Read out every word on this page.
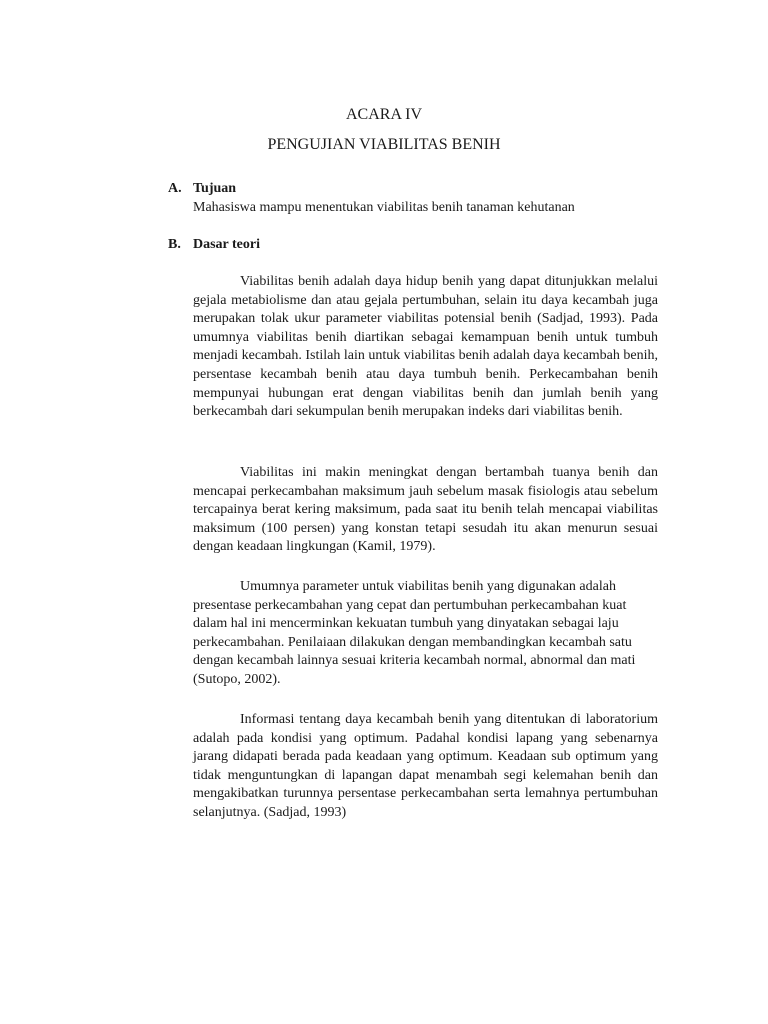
ACARA IV
PENGUJIAN VIABILITAS BENIH
A. Tujuan
Mahasiswa mampu menentukan viabilitas benih tanaman kehutanan
B. Dasar teori

Viabilitas benih adalah daya hidup benih yang dapat ditunjukkan melalui gejala metabiolisme dan atau gejala pertumbuhan, selain itu daya kecambah juga merupakan tolak ukur parameter viabilitas potensial benih (Sadjad, 1993). Pada umumnya viabilitas benih diartikan sebagai kemampuan benih untuk tumbuh menjadi kecambah. Istilah lain untuk viabilitas benih adalah daya kecambah benih, persentase kecambah benih atau daya tumbuh benih. Perkecambahan benih mempunyai hubungan erat dengan viabilitas benih dan jumlah benih yang berkecambah dari sekumpulan benih merupakan indeks dari viabilitas benih.

Viabilitas ini makin meningkat dengan bertambah tuanya benih dan mencapai perkecambahan maksimum jauh sebelum masak fisiologis atau sebelum tercapainya berat kering maksimum, pada saat itu benih telah mencapai viabilitas maksimum (100 persen) yang konstan tetapi sesudah itu akan menurun sesuai dengan keadaan lingkungan (Kamil, 1979).

Umumnya parameter untuk viabilitas benih yang digunakan adalah presentase perkecambahan yang cepat dan pertumbuhan perkecambahan kuat dalam hal ini mencerminkan kekuatan tumbuh yang dinyatakan sebagai laju perkecambahan. Penilaiaan dilakukan dengan membandingkan kecambah satu dengan kecambah lainnya sesuai kriteria kecambah normal, abnormal dan mati (Sutopo, 2002).

Informasi tentang daya kecambah benih yang ditentukan di laboratorium adalah pada kondisi yang optimum. Padahal kondisi lapang yang sebenarnya jarang didapati berada pada keadaan yang optimum. Keadaan sub optimum yang tidak menguntungkan di lapangan dapat menambah segi kelemahan benih dan mengakibatkan turunnya persentase perkecambahan serta lemahnya pertumbuhan selanjutnya. (Sadjad, 1993)
